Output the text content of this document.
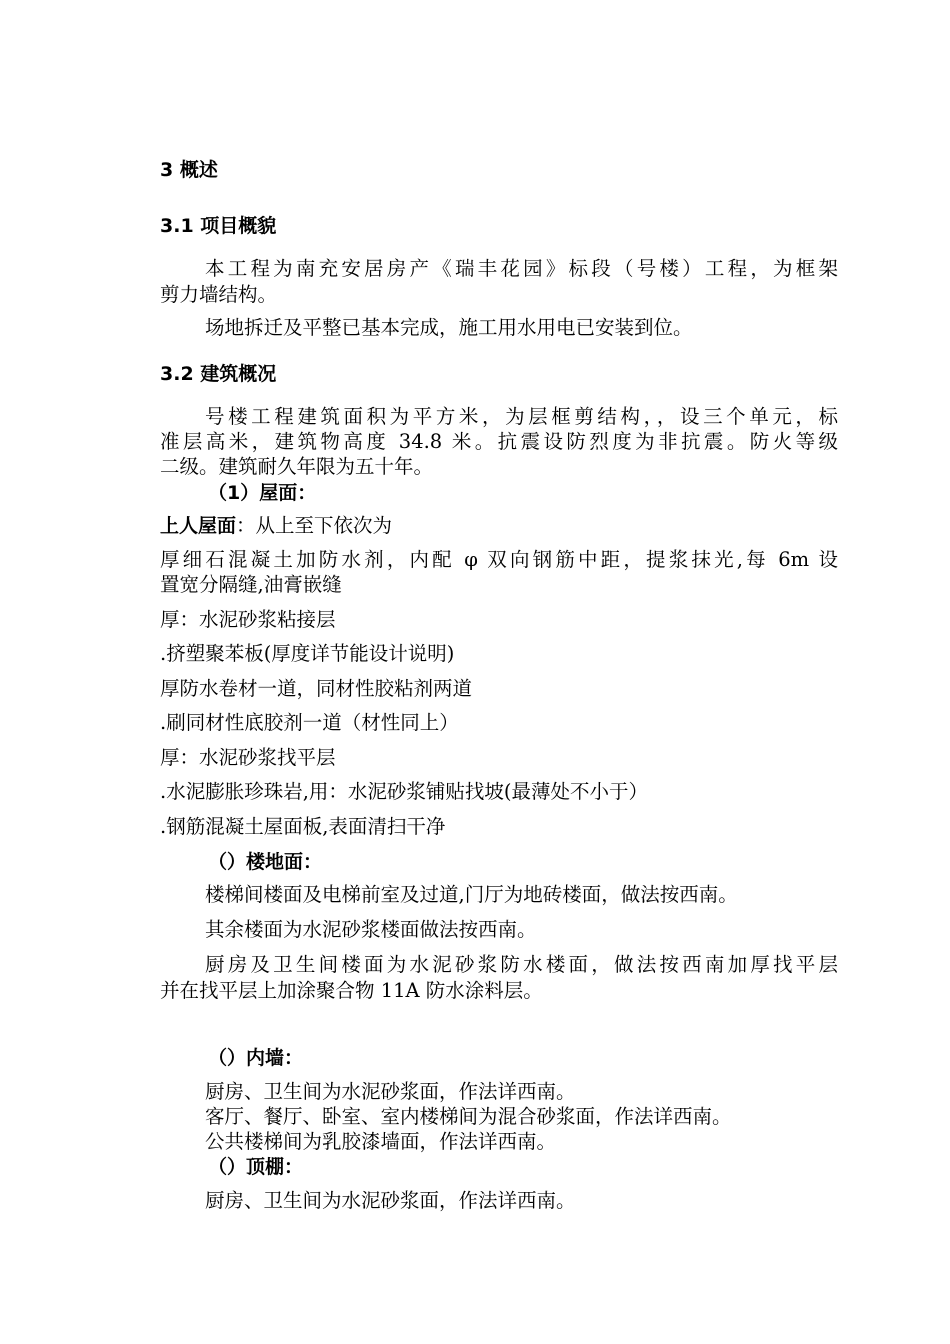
3 概述

3.1 项目概貌

本工程为南充安居房产《瑞丰花园》标段（号楼）工程，为框架

剪力墙结构。

场地拆迁及平整已基本完成，施工用水用电已安装到位。

3.2 建筑概况

号楼工程建筑面积为平方米，为层框剪结构，，设三个单元，标

准层高米，建筑物高度 34.8 米。抗震设防烈度为非抗震。防火等级

二级。建筑耐久年限为五十年。

（1）屋面：

上人屋面：从上至下依次为

厚细石混凝土加防水剂，内配 φ 双向钢筋中距，提浆抹光,每 6m 设

置宽分隔缝,油膏嵌缝

厚：水泥砂浆粘接层

.挤塑聚苯板(厚度详节能设计说明)

厚防水卷材一道，同材性胶粘剂两道

.刷同材性底胶剂一道（材性同上）

厚：水泥砂浆找平层

.水泥膨胀珍珠岩,用：水泥砂浆铺贴找坡(最薄处不小于）

.钢筋混凝土屋面板,表面清扫干净

（）楼地面：

楼梯间楼面及电梯前室及过道,门厅为地砖楼面，做法按西南。

其余楼面为水泥砂浆楼面做法按西南。

厨房及卫生间楼面为水泥砂浆防水楼面，做法按西南加厚找平层

并在找平层上加涂聚合物 11A 防水涂料层。

（）内墙：

厨房、卫生间为水泥砂浆面，作法详西南。

客厅、餐厅、卧室、室内楼梯间为混合砂浆面，作法详西南。

公共楼梯间为乳胶漆墙面，作法详西南。

（）顶棚：

厨房、卫生间为水泥砂浆面，作法详西南。
